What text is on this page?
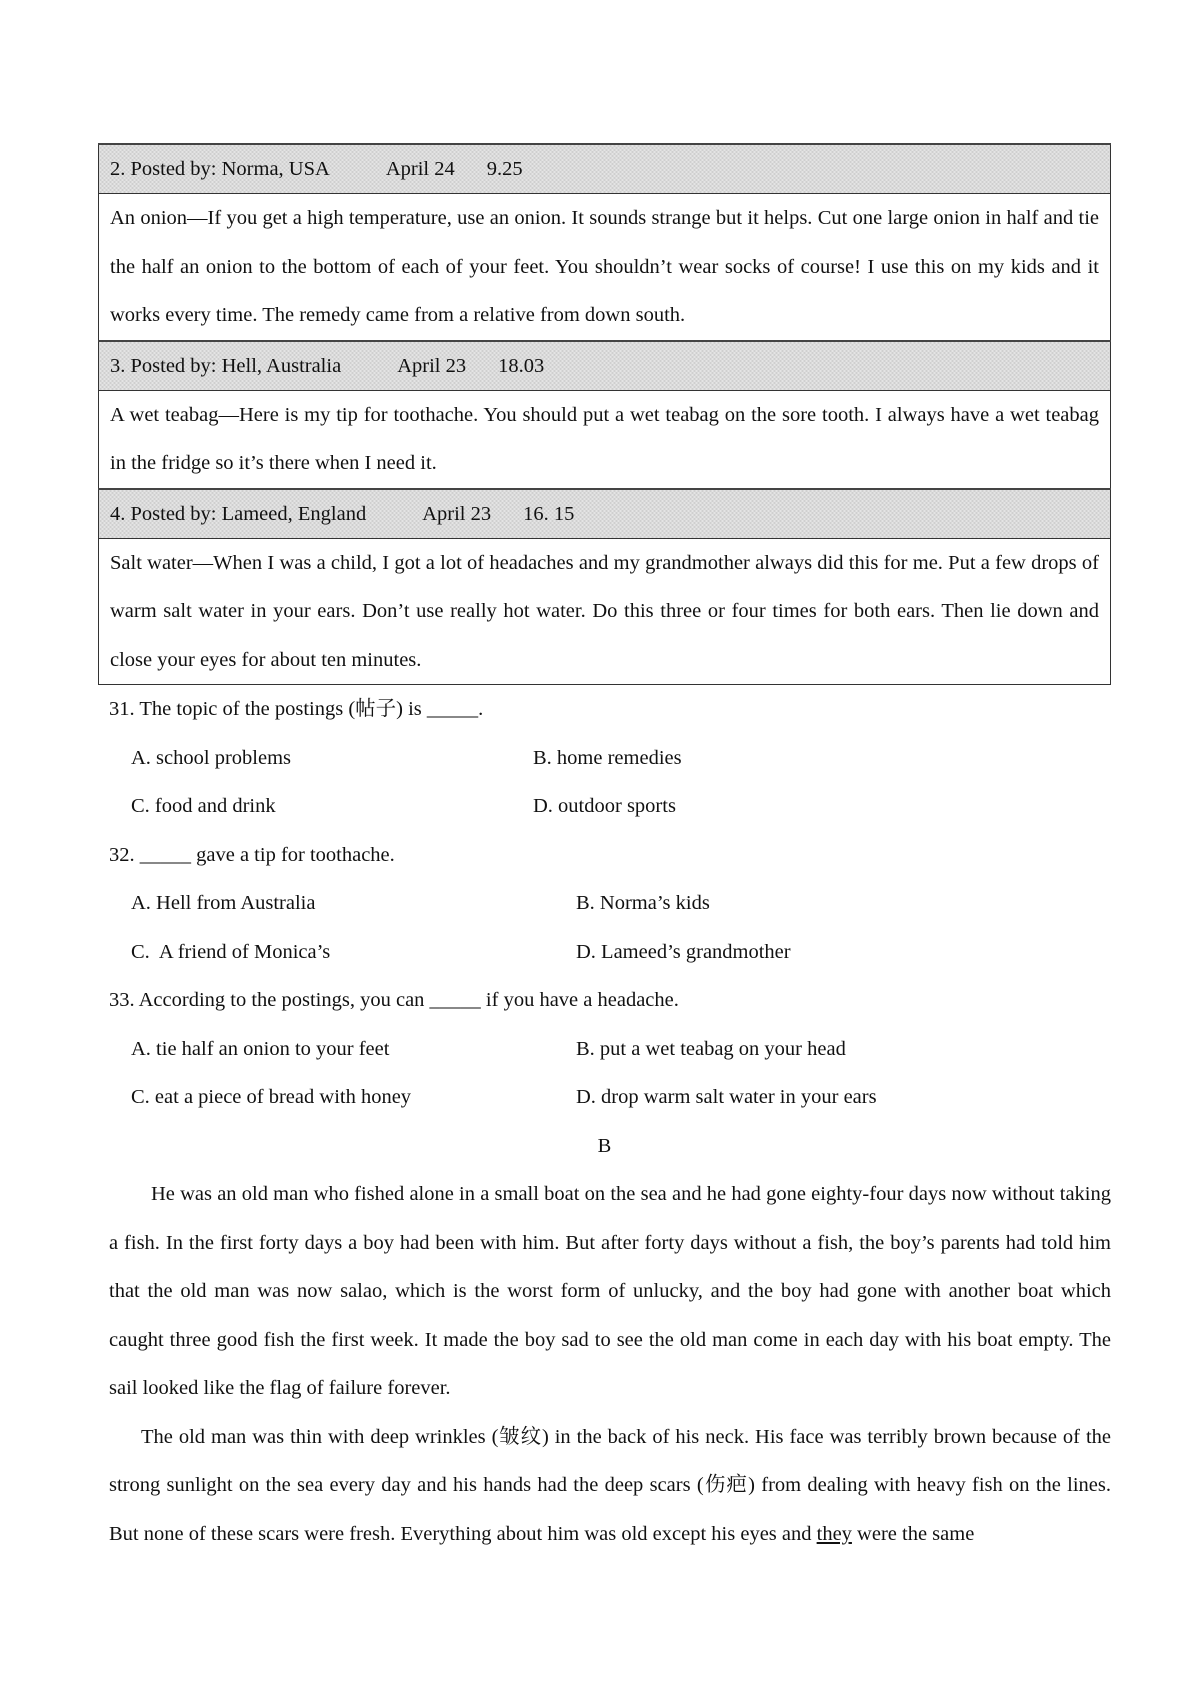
2. Posted by: Norma, USA	April 24 9.25
An onion—If you get a high temperature, use an onion. It sounds strange but it helps. Cut one large onion in half and tie the half an onion to the bottom of each of your feet. You shouldn’t wear socks of course! I use this on my kids and it works every time. The remedy came from a relative from down south.
3. Posted by: Hell, Australia	April 23 18.03
A wet teabag—Here is my tip for toothache. You should put a wet teabag on the sore tooth. I always have a wet teabag in the fridge so it’s there when I need it.
4. Posted by: Lameed, England	April 23 16. 15
Salt water—When I was a child, I got a lot of headaches and my grandmother always did this for me. Put a few drops of warm salt water in your ears. Don’t use really hot water. Do this three or four times for both ears. Then lie down and close your eyes for about ten minutes.
31. The topic of the postings (帖子) is _____.
A. school problems	B. home remedies
C. food and drink	D. outdoor sports
32. _____ gave a tip for toothache.
A. Hell from Australia	B. Norma’s kids
C.  A friend of Monica’s	D. Lameed’s grandmother
33. According to the postings, you can _____ if you have a headache.
A. tie half an onion to your feet	B. put a wet teabag on your head
C. eat a piece of bread with honey	D. drop warm salt water in your ears
B
He was an old man who fished alone in a small boat on the sea and he had gone eighty-four days now without taking a fish. In the first forty days a boy had been with him. But after forty days without a fish, the boy’s parents had told him that the old man was now salao, which is the worst form of unlucky, and the boy had gone with another boat which caught three good fish the first week. It made the boy sad to see the old man come in each day with his boat empty. The sail looked like the flag of failure forever.
The old man was thin with deep wrinkles (皱纹) in the back of his neck. His face was terribly brown because of the strong sunlight on the sea every day and his hands had the deep scars (伤疤) from dealing with heavy fish on the lines. But none of these scars were fresh. Everything about him was old except his eyes and they were the same
